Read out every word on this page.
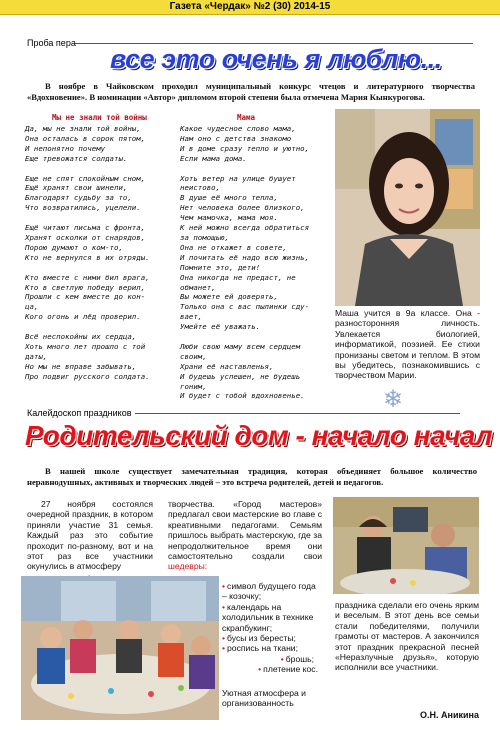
Газета «Чердак» №2 (30) 2014-15
Проба пера
все это очень я люблю...
В ноябре в Чайковском проходил муниципальный конкурс чтецов и литературного творчества «Вдохновение». В номинации «Автор» дипломом второй степени была отмечена Мария Кынкурогова.
Мы не знали той войны
Да, мы не знали той войны,
Она осталась в сорок пятом,
И непонятно почему
Еще тревожатся солдаты.

Еще не спят спокойным сном,
Ещё хранят свои шинели,
Благодарят судьбу за то,
Что возвратились, уцелели.

Ещё читают письма с фронта,
Хранят осколки от снарядов,
Порою думают о ком-то,
Кто не вернулся в их отряды.

Кто вместе с ними бил врага,
Кто в светлую победу верил,
Прошли с кем вместе до кон-
ца,
Кого огонь и лёд проверил.

Всё неспокойны их сердца,
Хоть много лет прошло с той
даты,
Но мы не вправе забывать,
Про подвиг русского солдата.
Мама
Какое чудесное слово мама,
Нам оно с детства знакомо
И в доме сразу тепло и уютно,
Если мама дома.

Хоть ветер на улице бушует
неистово,
В душе её много тепла,
Нет человека более близкого,
Чем мамочка, мама моя.
К ней можно всегда обратиться
за помощью,
Она не откажет в совете,
И почитать её надо всю жизнь,
Помните это, дети!
Она никогда не предаст, не
обманет,
Вы можете ей доверять,
Только она с вас пылинки сду-
вает,
Умейте её уважать.

Люби свою маму всем сердцем
своим,
Храни её наставленья,
И будешь успешен, не будешь
гоним,
И будет с тобой вдохновенье.
Маша учится в 9а классе. Она - разносторонняя личность. Увлекается биологией, информатикой, поэзией. Ее стихи пронизаны светом и теплом. В этом вы убедитесь, познакомившись с творчеством Марии.
❄
Калейдоскоп праздников
Родительский дом - начало начал
В нашей школе существует замечательная традиция, которая объединяет большое количество неравнодушных, активных и творческих людей – это встреча родителей, детей и педагогов.
27 ноября состоялся очередной праздник, в котором приняли участие 31 семья. Каждый раз это событие проходит по-разному, вот и на этот раз все участники окунулись в атмосферу
творчества. «Город мастеров» предлагал свои мастерские во главе с креативными педагогами. Семьям пришлось выбрать мастерскую, где за непродолжительное время они самостоятельно создали свои шедевры:
• символ будущего года – козочку;
• календарь на холодильник в технике скрапбукинг;
• бусы из бересты;
• роспись на ткани;
• брошь;
• плетение кос.
Уютная атмосфера и организованность
праздника сделали его очень ярким и веселым. В этот день все семьи стали победителями, получили грамоты от мастеров. А закончился этот праздник прекрасной песней «Неразлучные друзья», которую исполнили все участники.
О.Н. Аникина
